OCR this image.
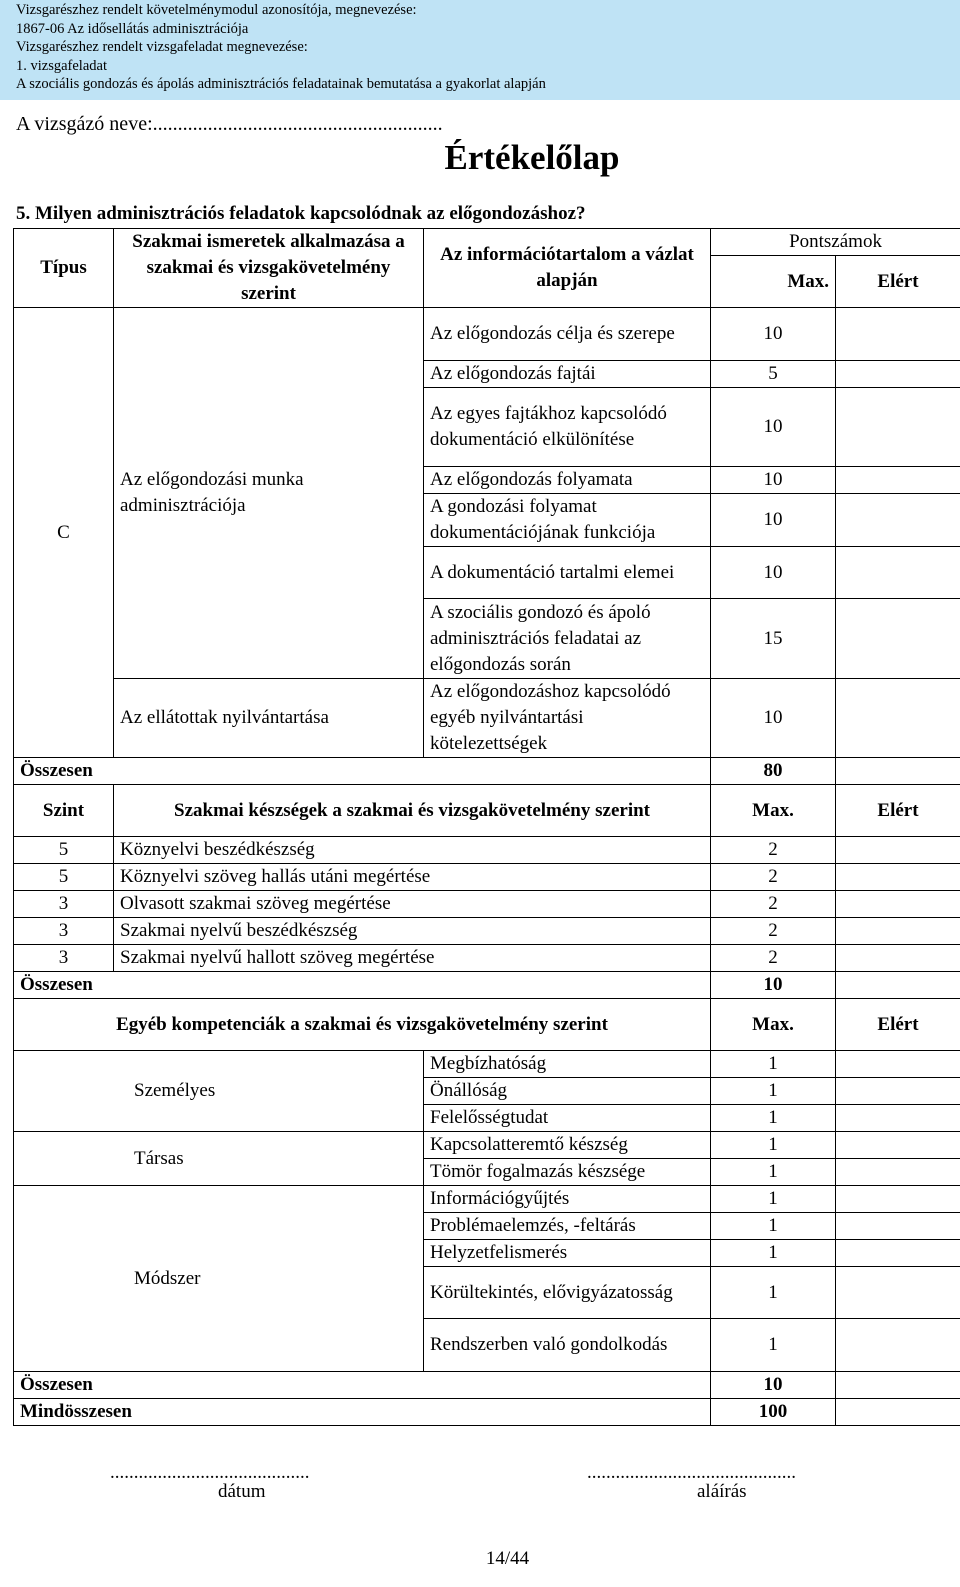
Vizsgarészhez rendelt követelménymodul azonosítója, megnevezése:
1867-06 Az idősellátás adminisztrációja
Vizsgarészhez rendelt vizsgafeladat megnevezése:
1. vizsgafeladat
A szociális gondozás és ápolás adminisztrációs feladatainak bemutatása a gyakorlat alapján
A vizsgázó neve:..........................................................
Értékelőlap
5. Milyen adminisztrációs feladatok kapcsolódnak az előgondozáshoz?
Típus	Szakmai ismeretek alkalmazása a szakmai és vizsgakövetelmény szerint	Az információtartalom a vázlat alapján	Pontszámok	
			Max.	Elért
C	Az előgondozási munka adminisztrációja	Az előgondozás célja és szerepe	10	
		Az előgondozás fajtái	5	
		Az egyes fajtákhoz kapcsolódó dokumentáció elkülönítése	10	
		Az előgondozás folyamata	10	
		A gondozási folyamat dokumentációjának funkciója	10	
		A dokumentáció tartalmi elemei	10	
		A szociális gondozó és ápoló adminisztrációs feladatai az előgondozás során	15	
	Az ellátottak nyilvántartása	Az előgondozáshoz kapcsolódó egyéb nyilvántartási kötelezettségek	10	
Összesen			80	
Szint	Szakmai készségek a szakmai és vizsgakövetelmény szerint		Max.	Elért
5	Köznyelvi beszédkészség		2	
5	Köznyelvi szöveg hallás utáni megértése		2	
3	Olvasott szakmai szöveg megértése		2	
3	Szakmai nyelvű beszédkészség		2	
3	Szakmai nyelvű hallott szöveg megértése		2	
Összesen			10	
Egyéb kompetenciák a szakmai és vizsgakövetelmény szerint			Max.	Elért
Személyes		Megbízhatóság	1	
		Önállóság	1	
		Felelősségtudat	1	
Társas		Kapcsolatteremtő készség	1	
		Tömör fogalmazás készsége	1	
Módszer		Információgyűjtés	1	
		Problémaelemzés, -feltárás	1	
		Helyzetfelismerés	1	
		Körültekintés, elővigyázatosság	1	
		Rendszerben való gondolkodás	1	
Összesen			10	
Mindösszesen			100	
..........................................
dátum
............................................
aláírás
14/44
